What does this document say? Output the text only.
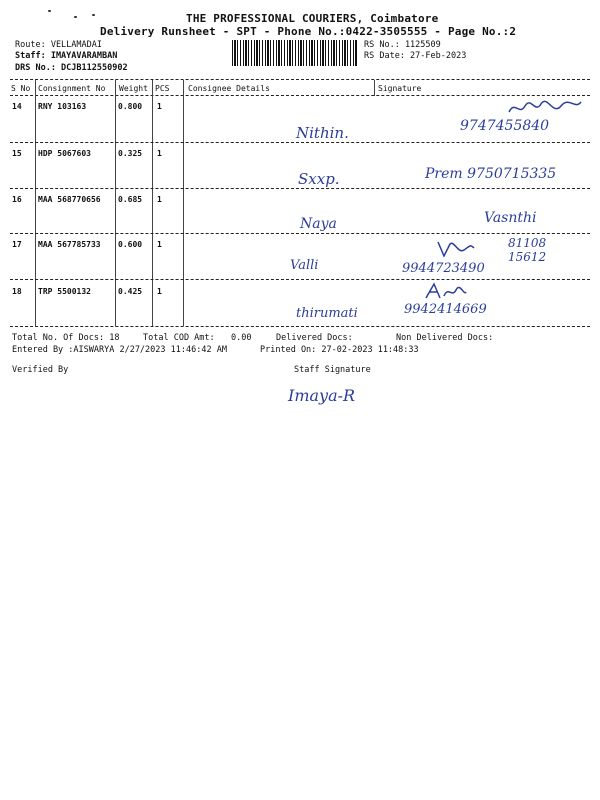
THE PROFESSIONAL COURIERS, Coimbatore
Delivery Runsheet - SPT - Phone No.:0422-3505555 - Page No.:2
Route: VELLAMADAI
Staff: IMAYAVARAMBAN
DRS No.: DCJB112550902
RS No.: 1125509
RS Date: 27-Feb-2023
S No Consignment No Weight PCS Consignee Details	Signature
14 RNY 103163	0.800 1
Nithin.	9747455840
15 HDP 5067603	0.325 1
Sxxp.	Prem 9750715335
16 MAA 568770656 0.685 1
Naya	Vasnthi
17 MAA 567785733 0.600 1
Valli	9944723490
81108 15612
18 TRP 5500132	0.425 1
thirumati	9942414669
Total No. Of Docs: 18	Total COD Amt: 0.00	Delivered Docs:	Non Delivered Docs:
Entered By :AISWARYA 2/27/2023 11:46:42 AM	Printed On: 27-02-2023 11:48:33
Verified By	Staff Signature
Imaya-R
